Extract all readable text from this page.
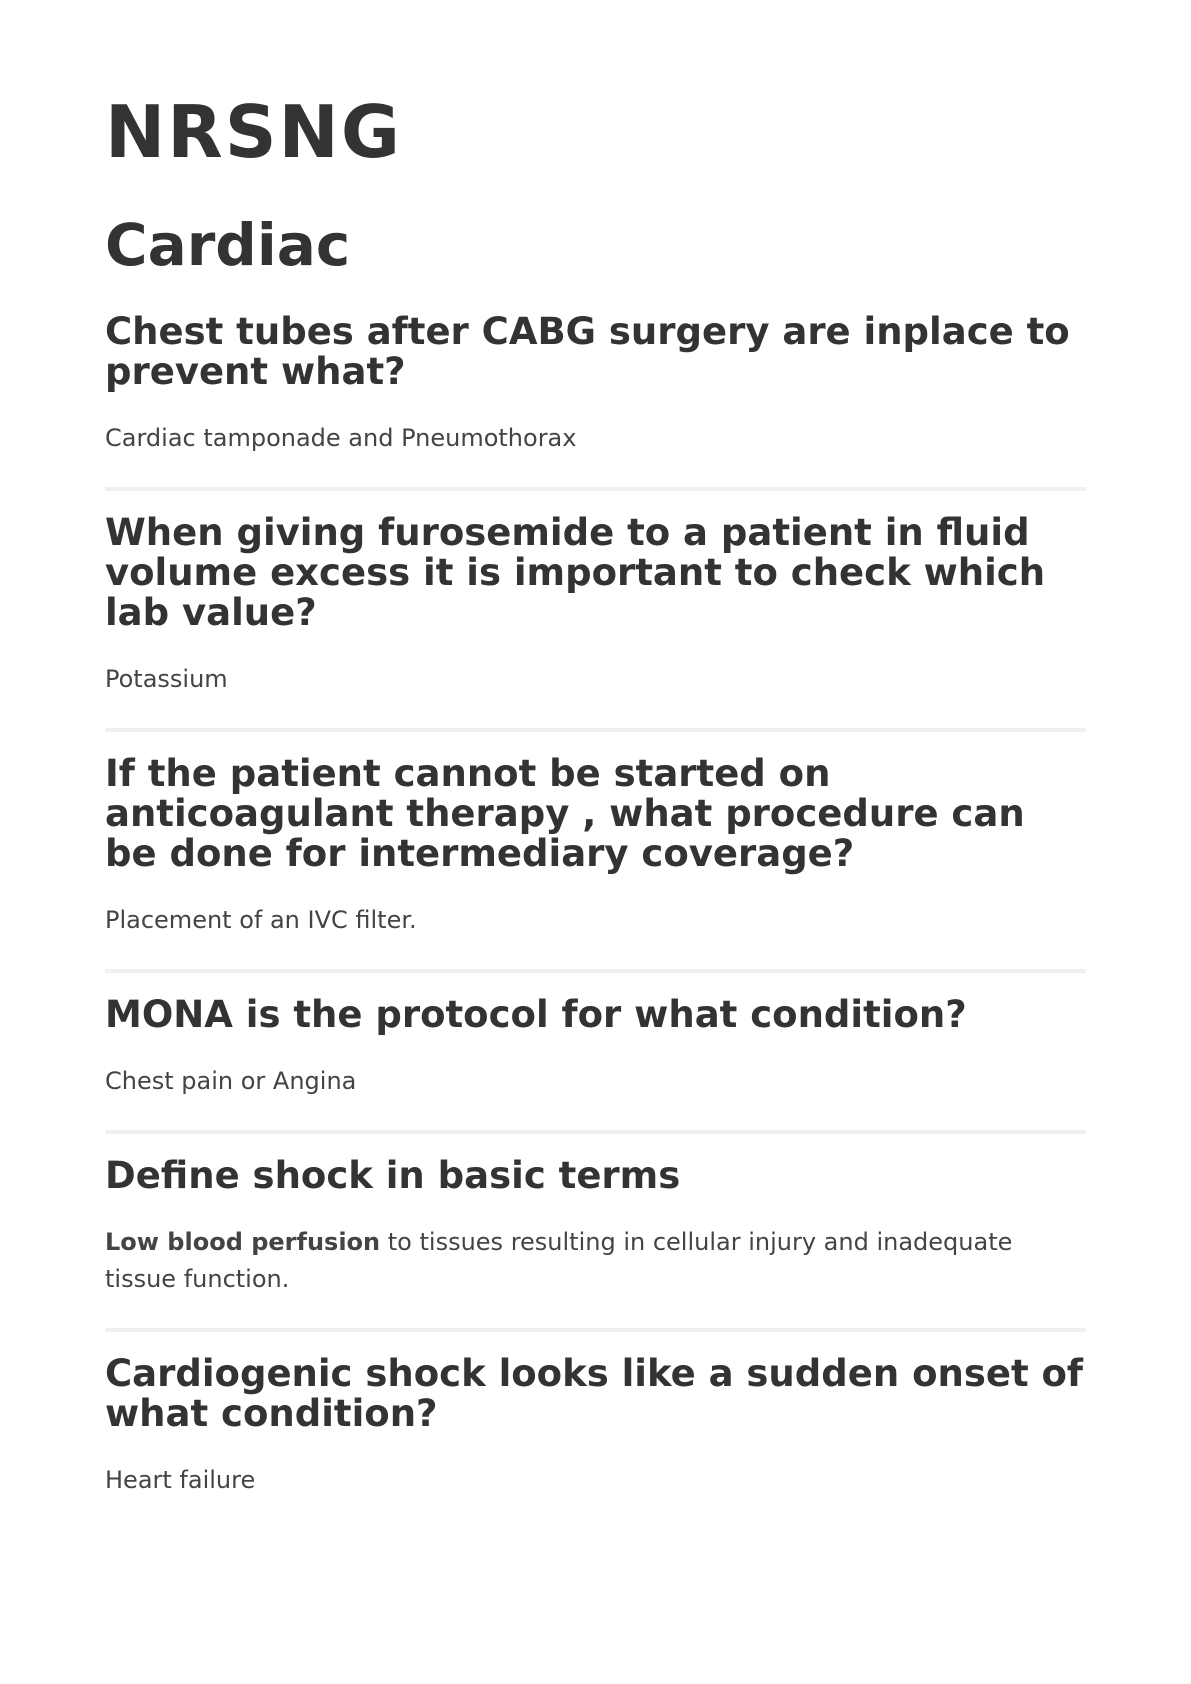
NRSNG
Cardiac
Chest tubes after CABG surgery are inplace to prevent what?

Cardiac tamponade and Pneumothorax

When giving furosemide to a patient in fluid volume excess it is important to check which lab value?

Potassium

If the patient cannot be started on anticoagulant therapy , what procedure can be done for intermediary coverage?

Placement of an IVC filter.

MONA is the protocol for what condition?

Chest pain or Angina

Define shock in basic terms

Low blood perfusion to tissues resulting in cellular injury and inadequate tissue function.

Cardiogenic shock looks like a sudden onset of what condition?

Heart failure
